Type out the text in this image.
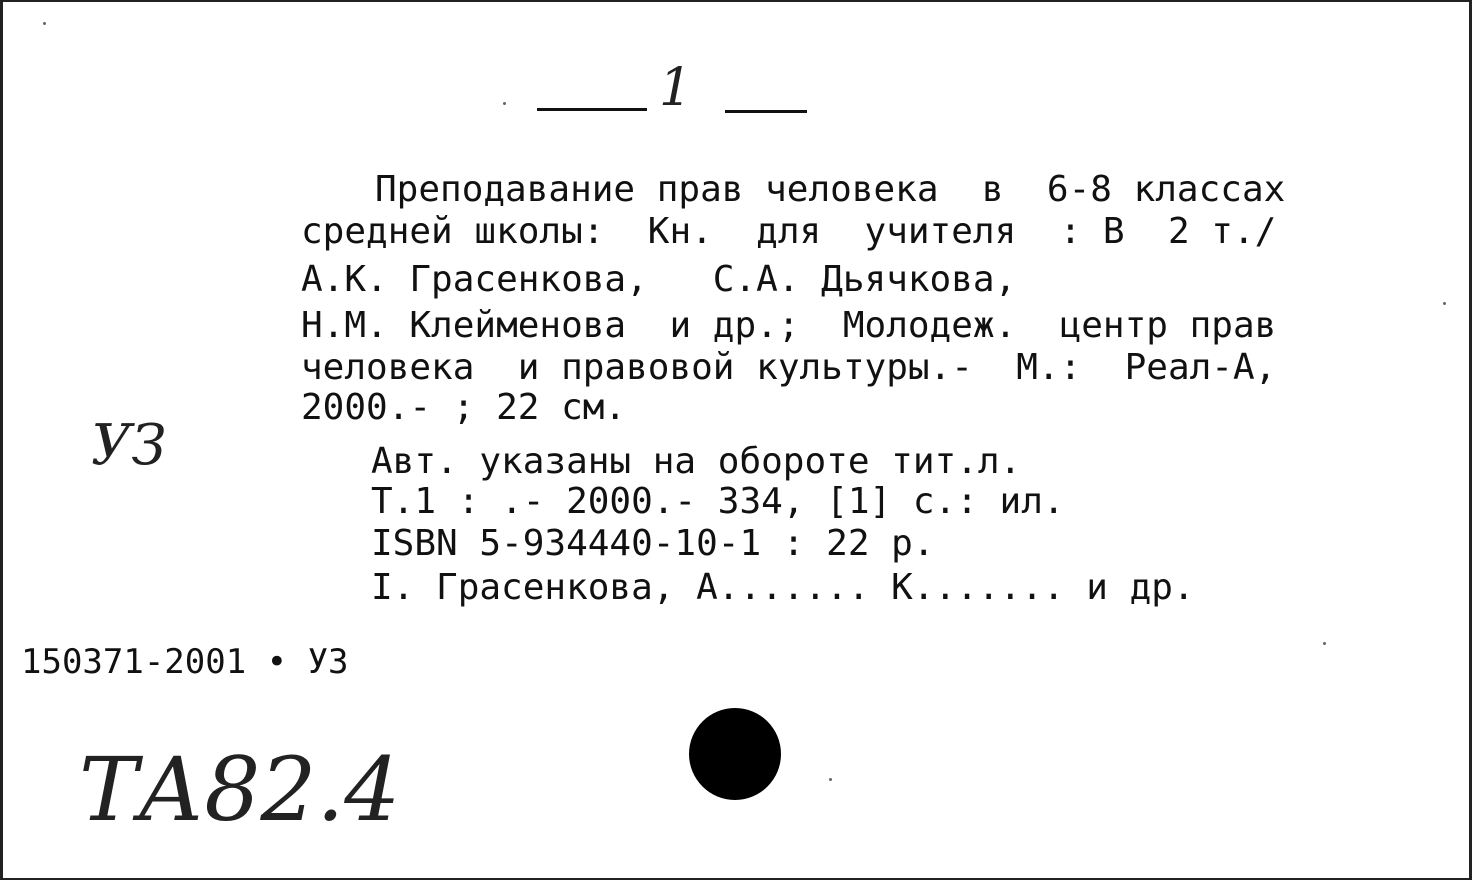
1
Преподавание прав человека  в  6-8 классах
средней школы:  Кн.  для  учителя  : В  2 т./
А.К. Грасенкова,   С.А. Дьячкова,
Н.М. Клейменова  и др.;  Молодеж.  центр прав
человека  и правовой культуры.-  М.:  Реал-А,
2000.- ; 22 см.
Авт. указаны на обороте тит.л.
Т.1 : .- 2000.- 334, [1] с.: ил.
ISBN 5-934440-10-1 : 22 р.
I. Грасенкова, А....... К....... и др.
УЗ
150371-2001 • УЗ
ТА82.4
